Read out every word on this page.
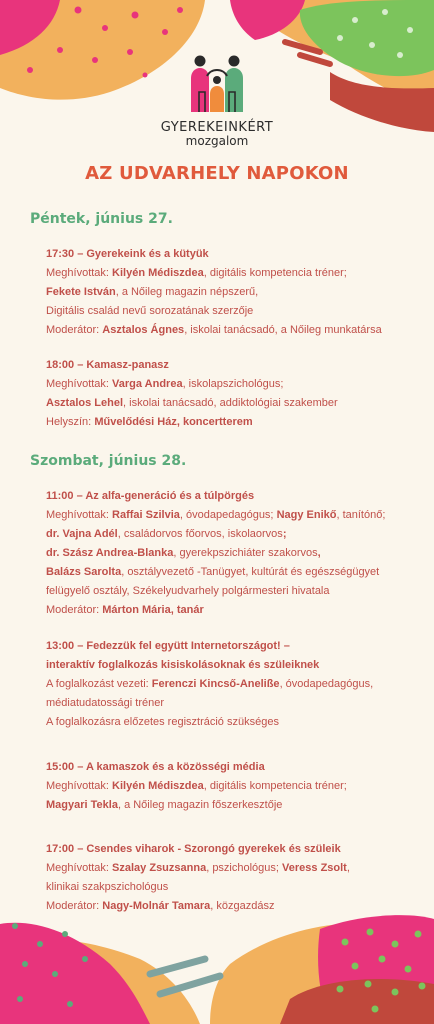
GYEREKEINKÉRT
mozgalom
AZ UDVARHELY NAPOKON
Péntek, június 27.

17:30 – Gyerekeink és a kütyük

Meghívottak: Kilyén Médiszdea, digitális kompetencia tréner;

Fekete István, a Nőileg magazin népszerű,

Digitális család nevű sorozatának szerzője

Moderátor: Asztalos Ágnes, iskolai tanácsadó, a Nőileg munkatársa

18:00 – Kamasz-panasz

Meghívottak: Varga Andrea, iskolapszichológus;

Asztalos Lehel, iskolai tanácsadó, addiktológiai szakember

Helyszín: Művelődési Ház, koncertterem

Szombat, június 28.

11:00 – Az alfa-generáció és a túlpörgés

Meghívottak: Raffai Szilvia, óvodapedagógus; Nagy Enikő, tanítónő;

dr. Vajna Adél, családorvos főorvos, iskolaorvos;

dr. Szász Andrea-Blanka, gyerekpszichiáter szakorvos,

Balázs Sarolta, osztályvezető -Tanügyet, kultúrát és egészségügyet

felügyelő osztály, Székelyudvarhely polgármesteri hivatala

Moderátor: Márton Mária, tanár

13:00 – Fedezzük fel együtt Internetországot! –

interaktív foglalkozás kisiskolásoknak és szüleiknek

A foglalkozást vezeti: Ferenczi Kincső-Aneliße, óvodapedagógus,

médiatudatossági tréner

A foglalkozásra előzetes regisztráció szükséges

15:00 – A kamaszok és a közösségi média

Meghívottak: Kilyén Médiszdea, digitális kompetencia tréner;

Magyari Tekla, a Nőileg magazin főszerkesztője

17:00 – Csendes viharok - Szorongó gyerekek és szüleik

Meghívottak: Szalay Zsuzsanna, pszichológus; Veress Zsolt,

klinikai szakpszichológus

Moderátor: Nagy-Molnár Tamara, közgazdász
